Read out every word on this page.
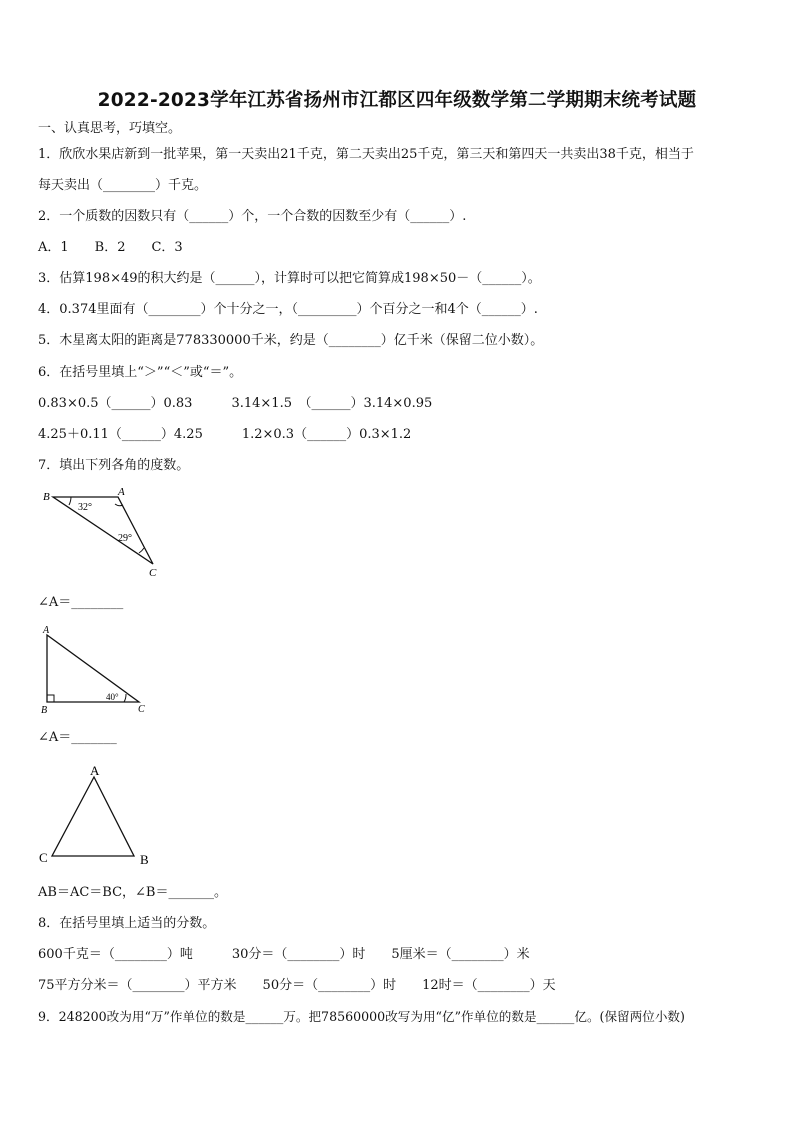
2022-2023学年江苏省扬州市江都区四年级数学第二学期期末统考试题
一、认真思考，巧填空。
1．欣欣水果店新到一批苹果，第一天卖出21千克，第二天卖出25千克，第三天和第四天一共卖出38千克，相当于
每天卖出（________）千克。
2．一个质数的因数只有（______）个，一个合数的因数至少有（______）.
A．1　　B．2　　C．3
3．估算198×49的积大约是（______），计算时可以把它简算成198×50－（______）。
4．0.374里面有（________）个十分之一，（_________）个百分之一和4个（______）.
5．木星离太阳的距离是778330000千米，约是（________）亿千米（保留二位小数）。
6．在括号里填上“＞”“＜”或“＝”。
0.83×0.5（______）0.83　　　3.14×1.5　（______）3.14×0.95
4.25＋0.11（______）4.25　　　1.2×0.3（______）0.3×1.2
7．填出下列各角的度数。
B	A
C
32°
29°
∠A＝________
A
B	C
40°
∠A＝_______
A
C	B
AB＝AC＝BC，∠B＝_______。
8．在括号里填上适当的分数。
600千克＝（________）吨　　　30分＝（________）时　　5厘米＝（________）米
75平方分米＝（________）平方米　　50分＝（________）时　　12时＝（________）天
9．248200改为用“万”作单位的数是______万。把78560000改写为用“亿”作单位的数是______亿。(保留两位小数)
